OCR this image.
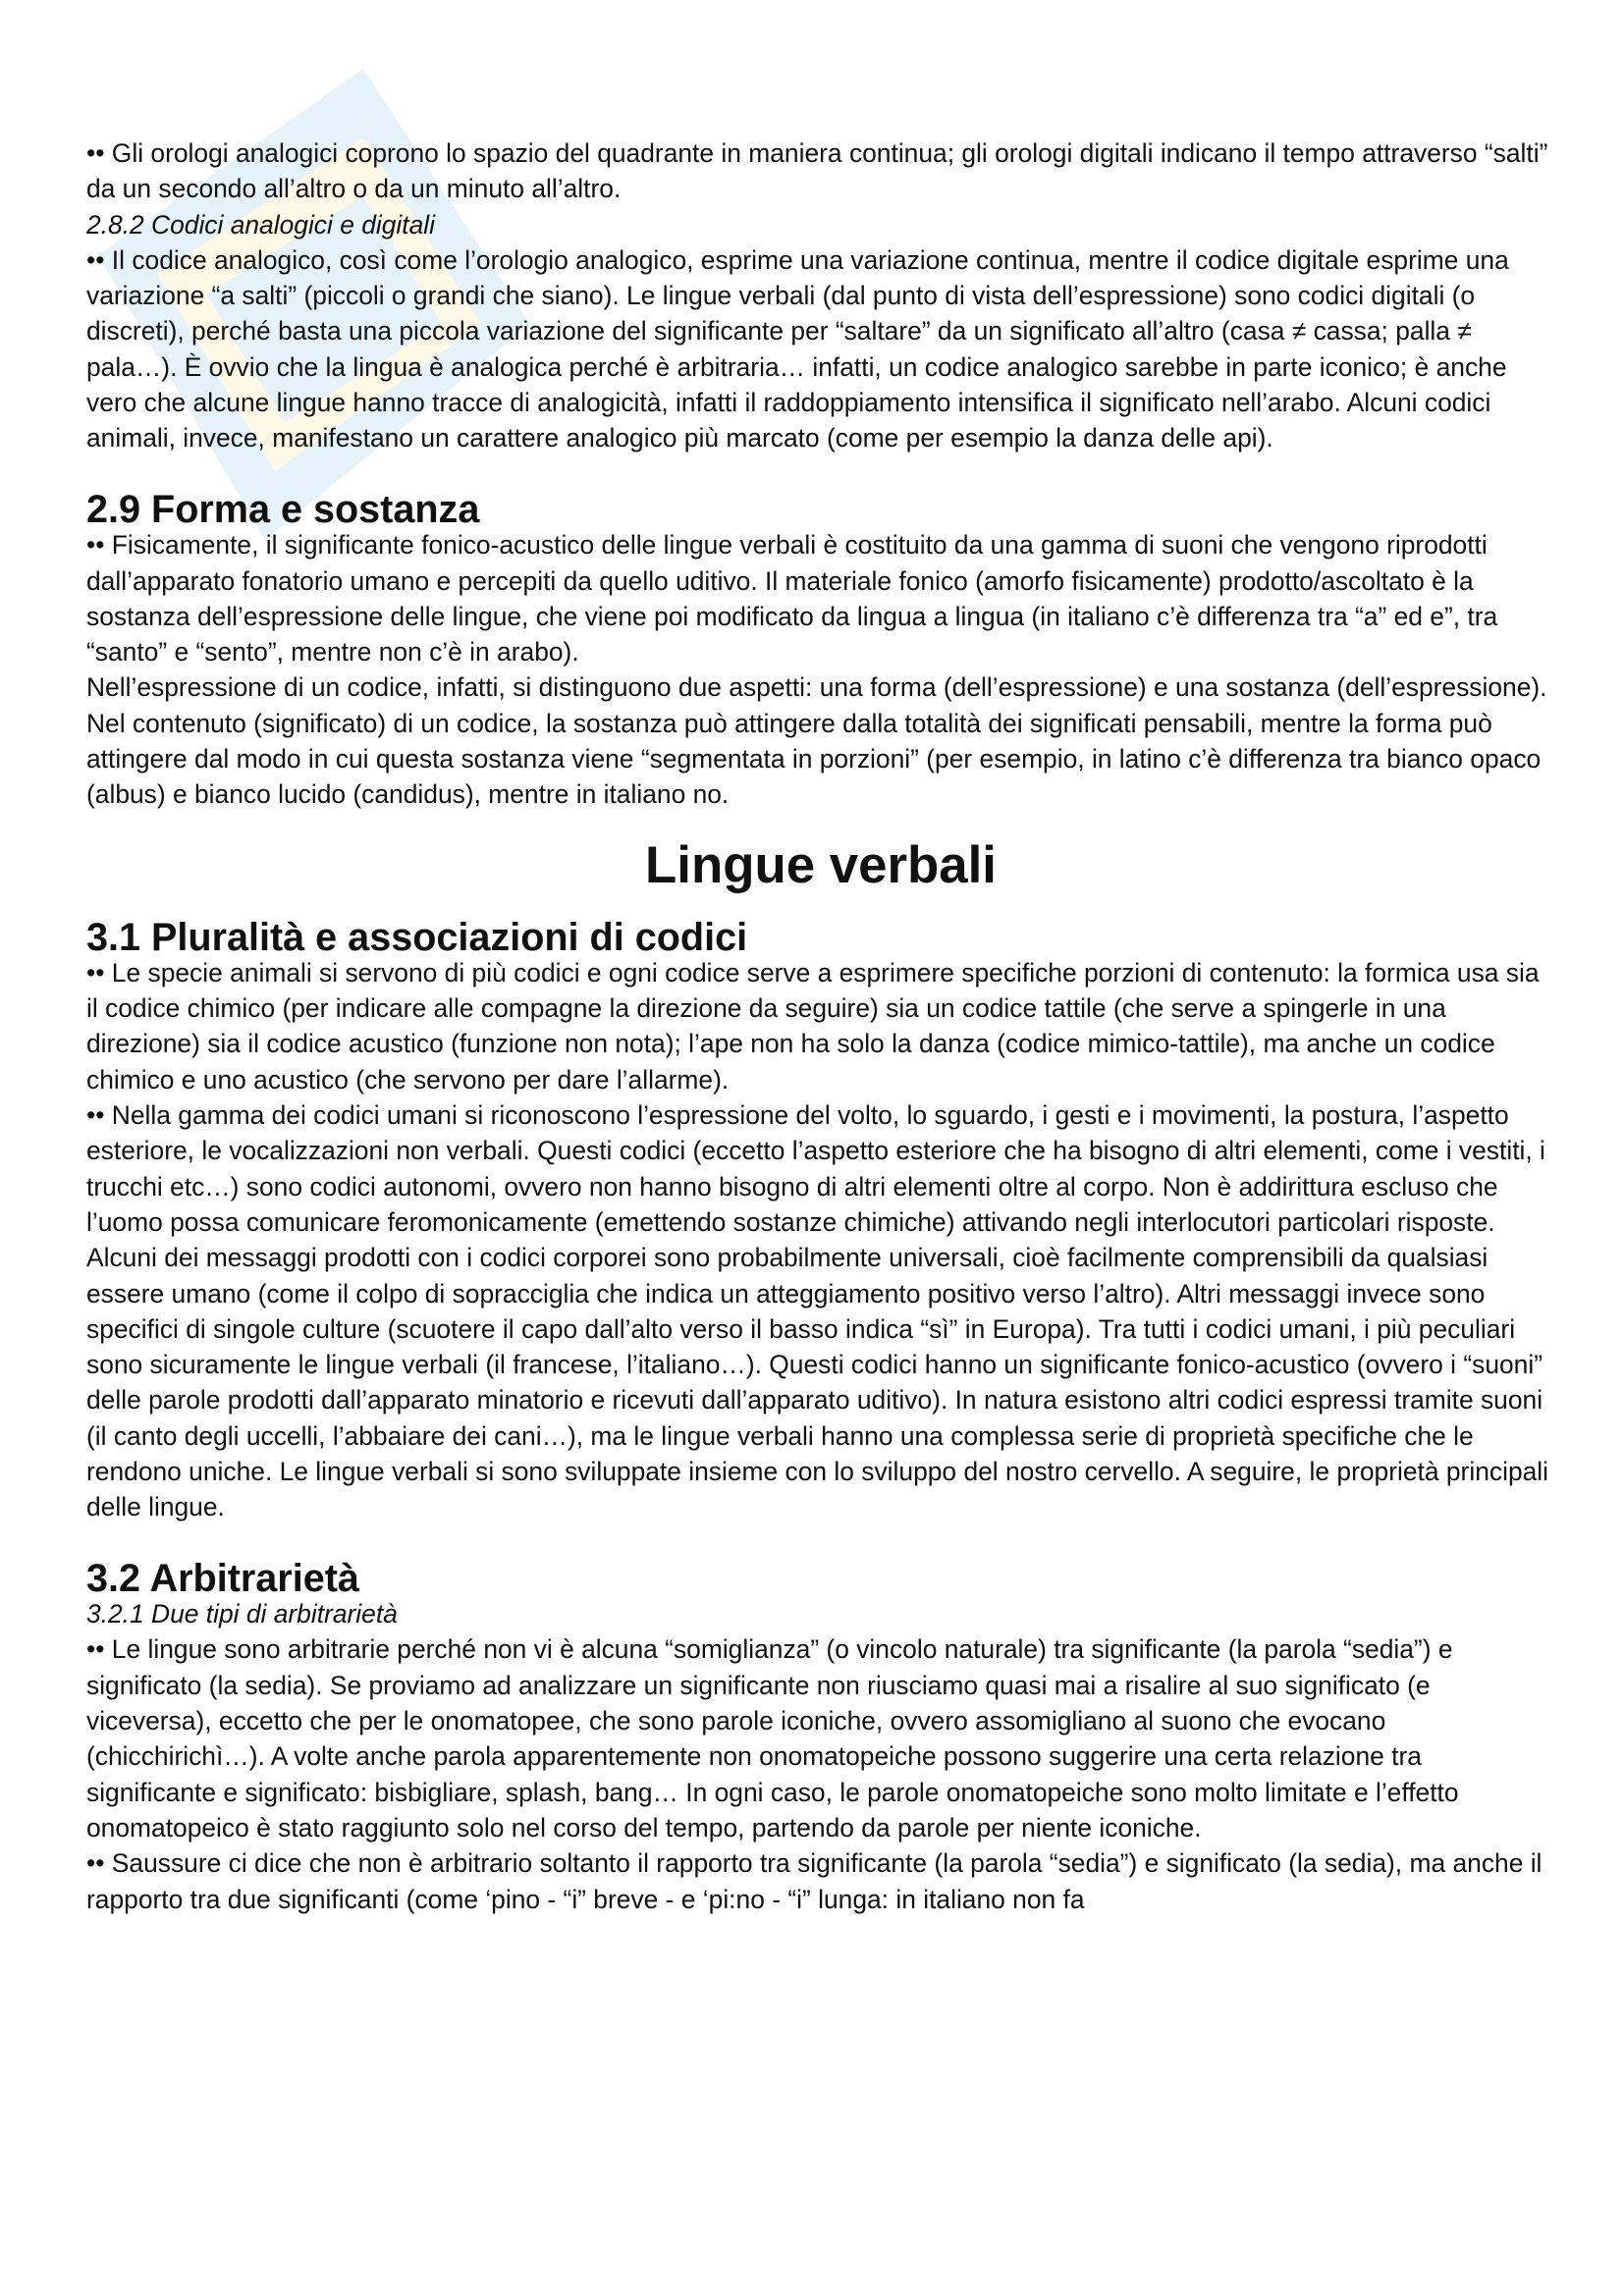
•• Gli orologi analogici coprono lo spazio del quadrante in maniera continua; gli orologi digitali indicano il tempo attraverso “salti” da un secondo all’altro o da un minuto all’altro.

2.8.2 Codici analogici e digitali

•• Il codice analogico, così come l’orologio analogico, esprime una variazione continua, mentre il codice digitale esprime una variazione “a salti” (piccoli o grandi che siano). Le lingue verbali (dal punto di vista dell’espressione) sono codici digitali (o discreti), perché basta una piccola variazione del significante per “saltare” da un significato all’altro (casa ≠ cassa; palla ≠ pala…). È ovvio che la lingua è analogica perché è arbitraria… infatti, un codice analogico sarebbe in parte iconico; è anche vero che alcune lingue hanno tracce di analogicità, infatti il raddoppiamento intensifica il significato nell’arabo. Alcuni codici animali, invece, manifestano un carattere analogico più marcato (come per esempio la danza delle api).

2.9 Forma e sostanza

•• Fisicamente, il significante fonico-acustico delle lingue verbali è costituito da una gamma di suoni che vengono riprodotti dall’apparato fonatorio umano e percepiti da quello uditivo. Il materiale fonico (amorfo fisicamente) prodotto/ascoltato è la sostanza dell’espressione delle lingue, che viene poi modificato da lingua a lingua (in italiano c’è differenza tra “a” ed e”, tra “santo” e “sento”, mentre non c’è in arabo).

Nell’espressione di un codice, infatti, si distinguono due aspetti: una forma (dell’espressione) e una sostanza (dell’espressione). Nel contenuto (significato) di un codice, la sostanza può attingere dalla totalità dei significati pensabili, mentre la forma può attingere dal modo in cui questa sostanza viene “segmentata in porzioni” (per esempio, in latino c’è differenza tra bianco opaco (albus) e bianco lucido (candidus), mentre in italiano no.

Lingue verbali
3.1 Pluralità e associazioni di codici

•• Le specie animali si servono di più codici e ogni codice serve a esprimere specifiche porzioni di contenuto: la formica usa sia il codice chimico (per indicare alle compagne la direzione da seguire) sia un codice tattile (che serve a spingerle in una direzione) sia il codice acustico (funzione non nota); l’ape non ha solo la danza (codice mimico-tattile), ma anche un codice chimico e uno acustico (che servono per dare l’allarme).

•• Nella gamma dei codici umani si riconoscono l’espressione del volto, lo sguardo, i gesti e i movimenti, la postura, l’aspetto esteriore, le vocalizzazioni non verbali. Questi codici (eccetto l’aspetto esteriore che ha bisogno di altri elementi, come i vestiti, i trucchi etc…) sono codici autonomi, ovvero non hanno bisogno di altri elementi oltre al corpo. Non è addirittura escluso che l’uomo possa comunicare feromonicamente (emettendo sostanze chimiche) attivando negli interlocutori particolari risposte. Alcuni dei messaggi prodotti con i codici corporei sono probabilmente universali, cioè facilmente comprensibili da qualsiasi essere umano (come il colpo di sopracciglia che indica un atteggiamento positivo verso l’altro). Altri messaggi invece sono specifici di singole culture (scuotere il capo dall’alto verso il basso indica “sì” in Europa). Tra tutti i codici umani, i più peculiari sono sicuramente le lingue verbali (il francese, l’italiano…). Questi codici hanno un significante fonico-acustico (ovvero i “suoni” delle parole prodotti dall’apparato minatorio e ricevuti dall’apparato uditivo). In natura esistono altri codici espressi tramite suoni (il canto degli uccelli, l’abbaiare dei cani…), ma le lingue verbali hanno una complessa serie di proprietà specifiche che le rendono uniche. Le lingue verbali si sono sviluppate insieme con lo sviluppo del nostro cervello. A seguire, le proprietà principali delle lingue.

3.2 Arbitrarietà

3.2.1 Due tipi di arbitrarietà

•• Le lingue sono arbitrarie perché non vi è alcuna “somiglianza” (o vincolo naturale) tra significante (la parola “sedia”) e significato (la sedia). Se proviamo ad analizzare un significante non riusciamo quasi mai a risalire al suo significato (e viceversa), eccetto che per le onomatopee, che sono parole iconiche, ovvero assomigliano al suono che evocano (chicchirichì…). A volte anche parola apparentemente non onomatopeiche possono suggerire una certa relazione tra significante e significato: bisbigliare, splash, bang… In ogni caso, le parole onomatopeiche sono molto limitate e l’effetto onomatopeico è stato raggiunto solo nel corso del tempo, partendo da parole per niente iconiche.

•• Saussure ci dice che non è arbitrario soltanto il rapporto tra significante (la parola “sedia”) e significato (la sedia), ma anche il rapporto tra due significanti (come ‘pino - “i” breve - e ‘pi:no - “i” lunga: in italiano non fa
